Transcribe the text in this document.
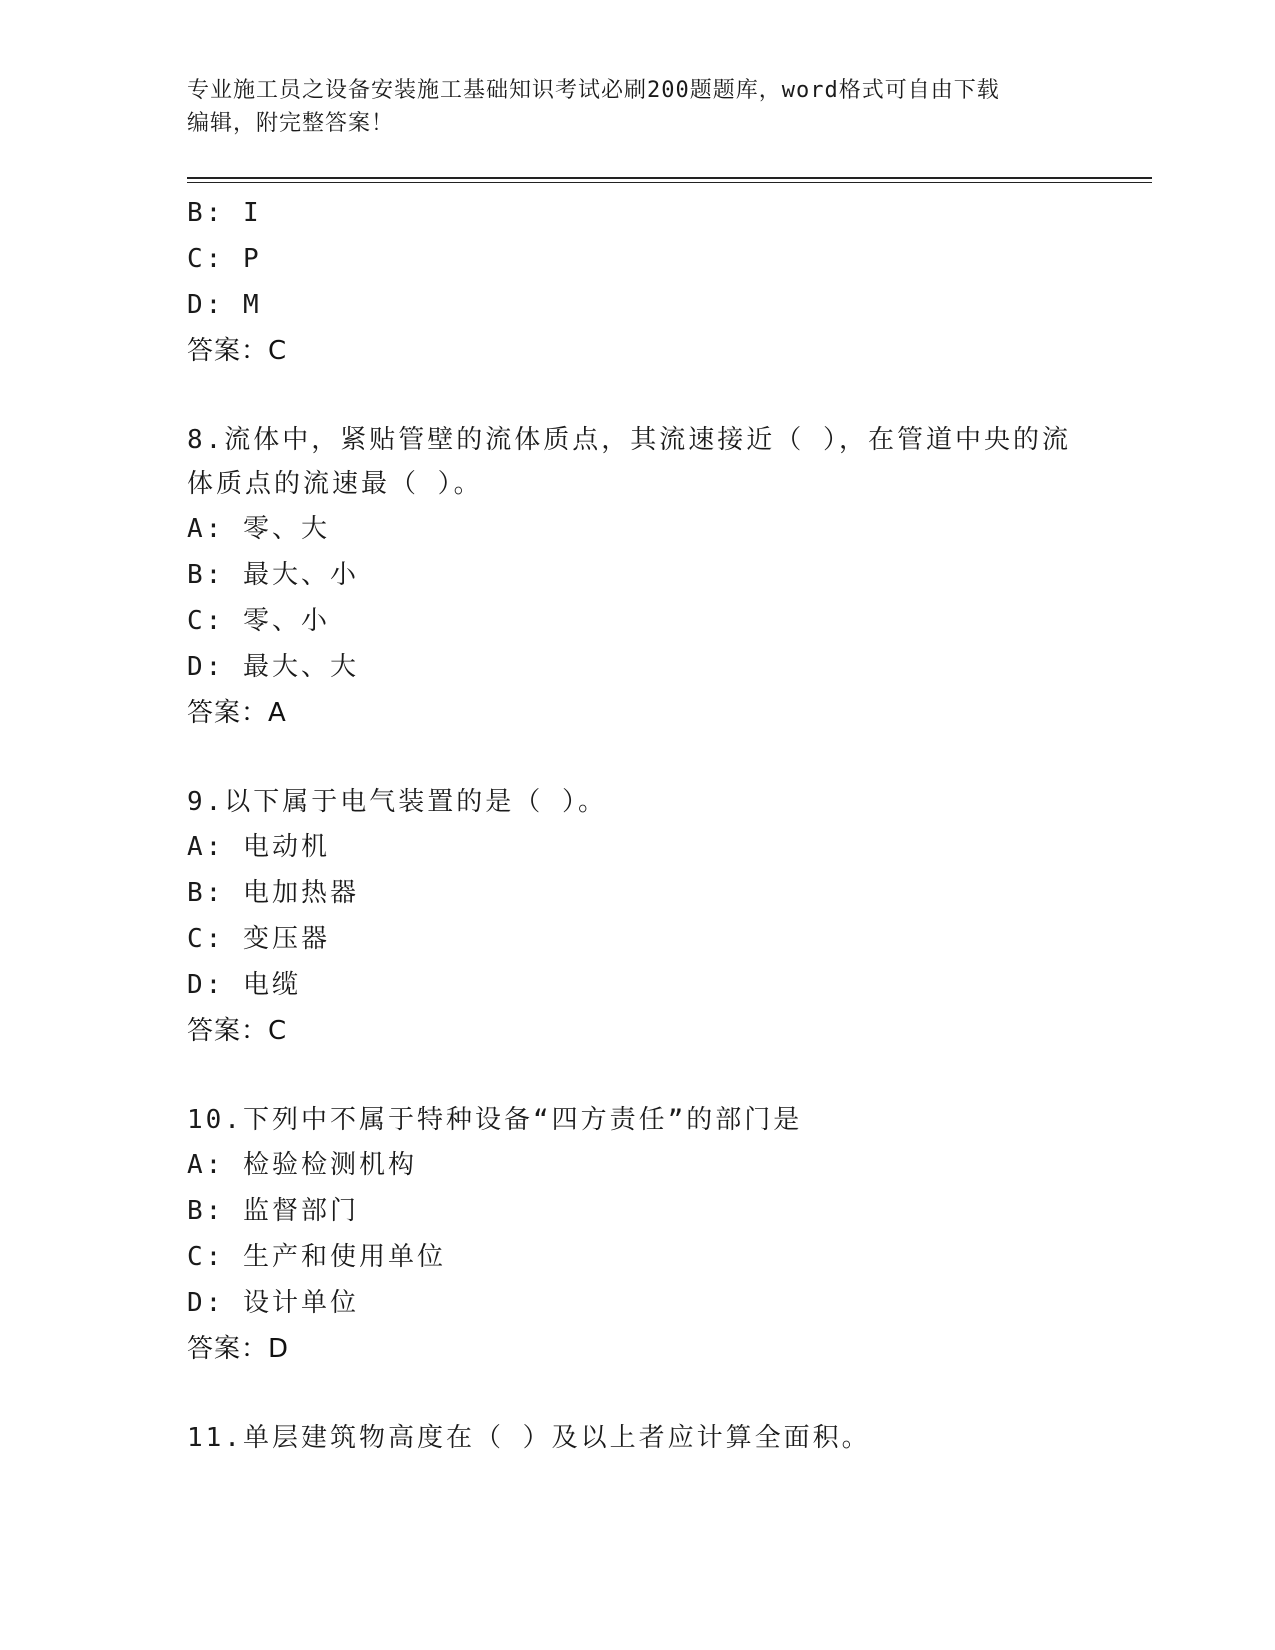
专业施工员之设备安装施工基础知识考试必刷200题题库，word格式可自由下载
编辑，附完整答案！
B: I
C: P
D: M
答案：C
8.流体中，紧贴管壁的流体质点，其流速接近（ ），在管道中央的流体质点的流速最（ ）。
A: 零、大
B: 最大、小
C: 零、小
D: 最大、大
答案：A
9.以下属于电气装置的是（ ）。
A: 电动机
B: 电加热器
C: 变压器
D: 电缆
答案：C
10.下列中不属于特种设备“四方责任”的部门是
A: 检验检测机构
B: 监督部门
C: 生产和使用单位
D: 设计单位
答案：D
11.单层建筑物高度在（ ）及以上者应计算全面积。
